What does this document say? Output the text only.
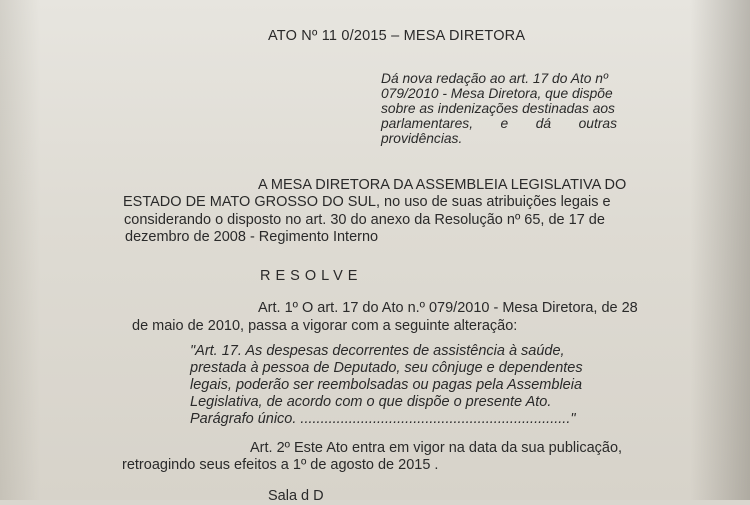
ATO Nº 11 0/2015 – MESA DIRETORA
Dá nova redação ao art. 17 do Ato nº
079/2010 - Mesa Diretora, que dispõe
sobre as indenizações destinadas aos
parlamentares, e dá outras
providências.
A MESA DIRETORA DA ASSEMBLEIA LEGISLATIVA DO
ESTADO DE MATO GROSSO DO SUL, no uso de suas atribuições legais e
considerando o disposto no art. 30 do anexo da Resolução nº 65, de 17 de
dezembro de 2008 - Regimento Interno
RESOLVE
Art. 1º O art. 17 do Ato n.º 079/2010 - Mesa Diretora, de 28
de maio de 2010, passa a vigorar com a seguinte alteração:
"Art. 17. As despesas decorrentes de assistência à saúde,
prestada à pessoa de Deputado, seu cônjuge e dependentes
legais, poderão ser reembolsadas ou pagas pela Assembleia
Legislativa, de acordo com o que dispõe o presente Ato.
Parágrafo único. ..................................................................."
Art. 2º Este Ato entra em vigor na data da sua publicação,
retroagindo seus efeitos a 1º de agosto de 2015 .
Sala d D
